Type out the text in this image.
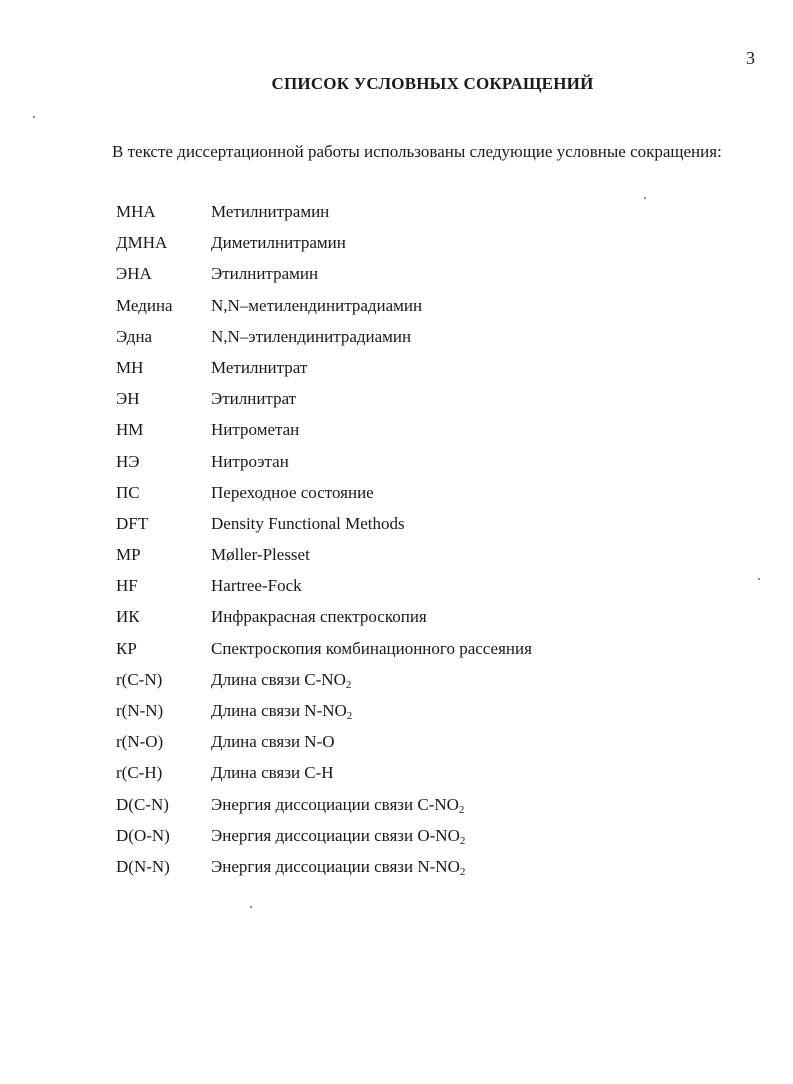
3
СПИСОК УСЛОВНЫХ СОКРАЩЕНИЙ

В тексте диссертационной работы использованы следующие условные сокращения:

МНА	Метилнитрамин
ДМНА	Диметилнитрамин
ЭНА	Этилнитрамин
Медина N,N–метилендинитрадиамин
Эдна	N,N–этилендинитрадиамин
МН	Метилнитрат
ЭН	Этилнитрат
НМ	Нитрометан
НЭ	Нитроэтан
ПС	Переходное состояние
DFT	Density Functional Methods
MP	Møller-Plesset
HF	Hartree-Fock
ИК	Инфракрасная спектроскопия
КР	Спектроскопия комбинационного рассеяния
r(C-N)	Длина связи $C-NO_2$
r(N-N)	Длина связи $N-NO_2$
r(N-O)	Длина связи N-O
r(C-H)	Длина связи C-H
D(C-N) Энергия диссоциации связи $C-NO_2$
D(O-N) Энергия диссоциации связи $O-NO_2$
D(N-N) Энергия диссоциации связи $N-NO_2$
